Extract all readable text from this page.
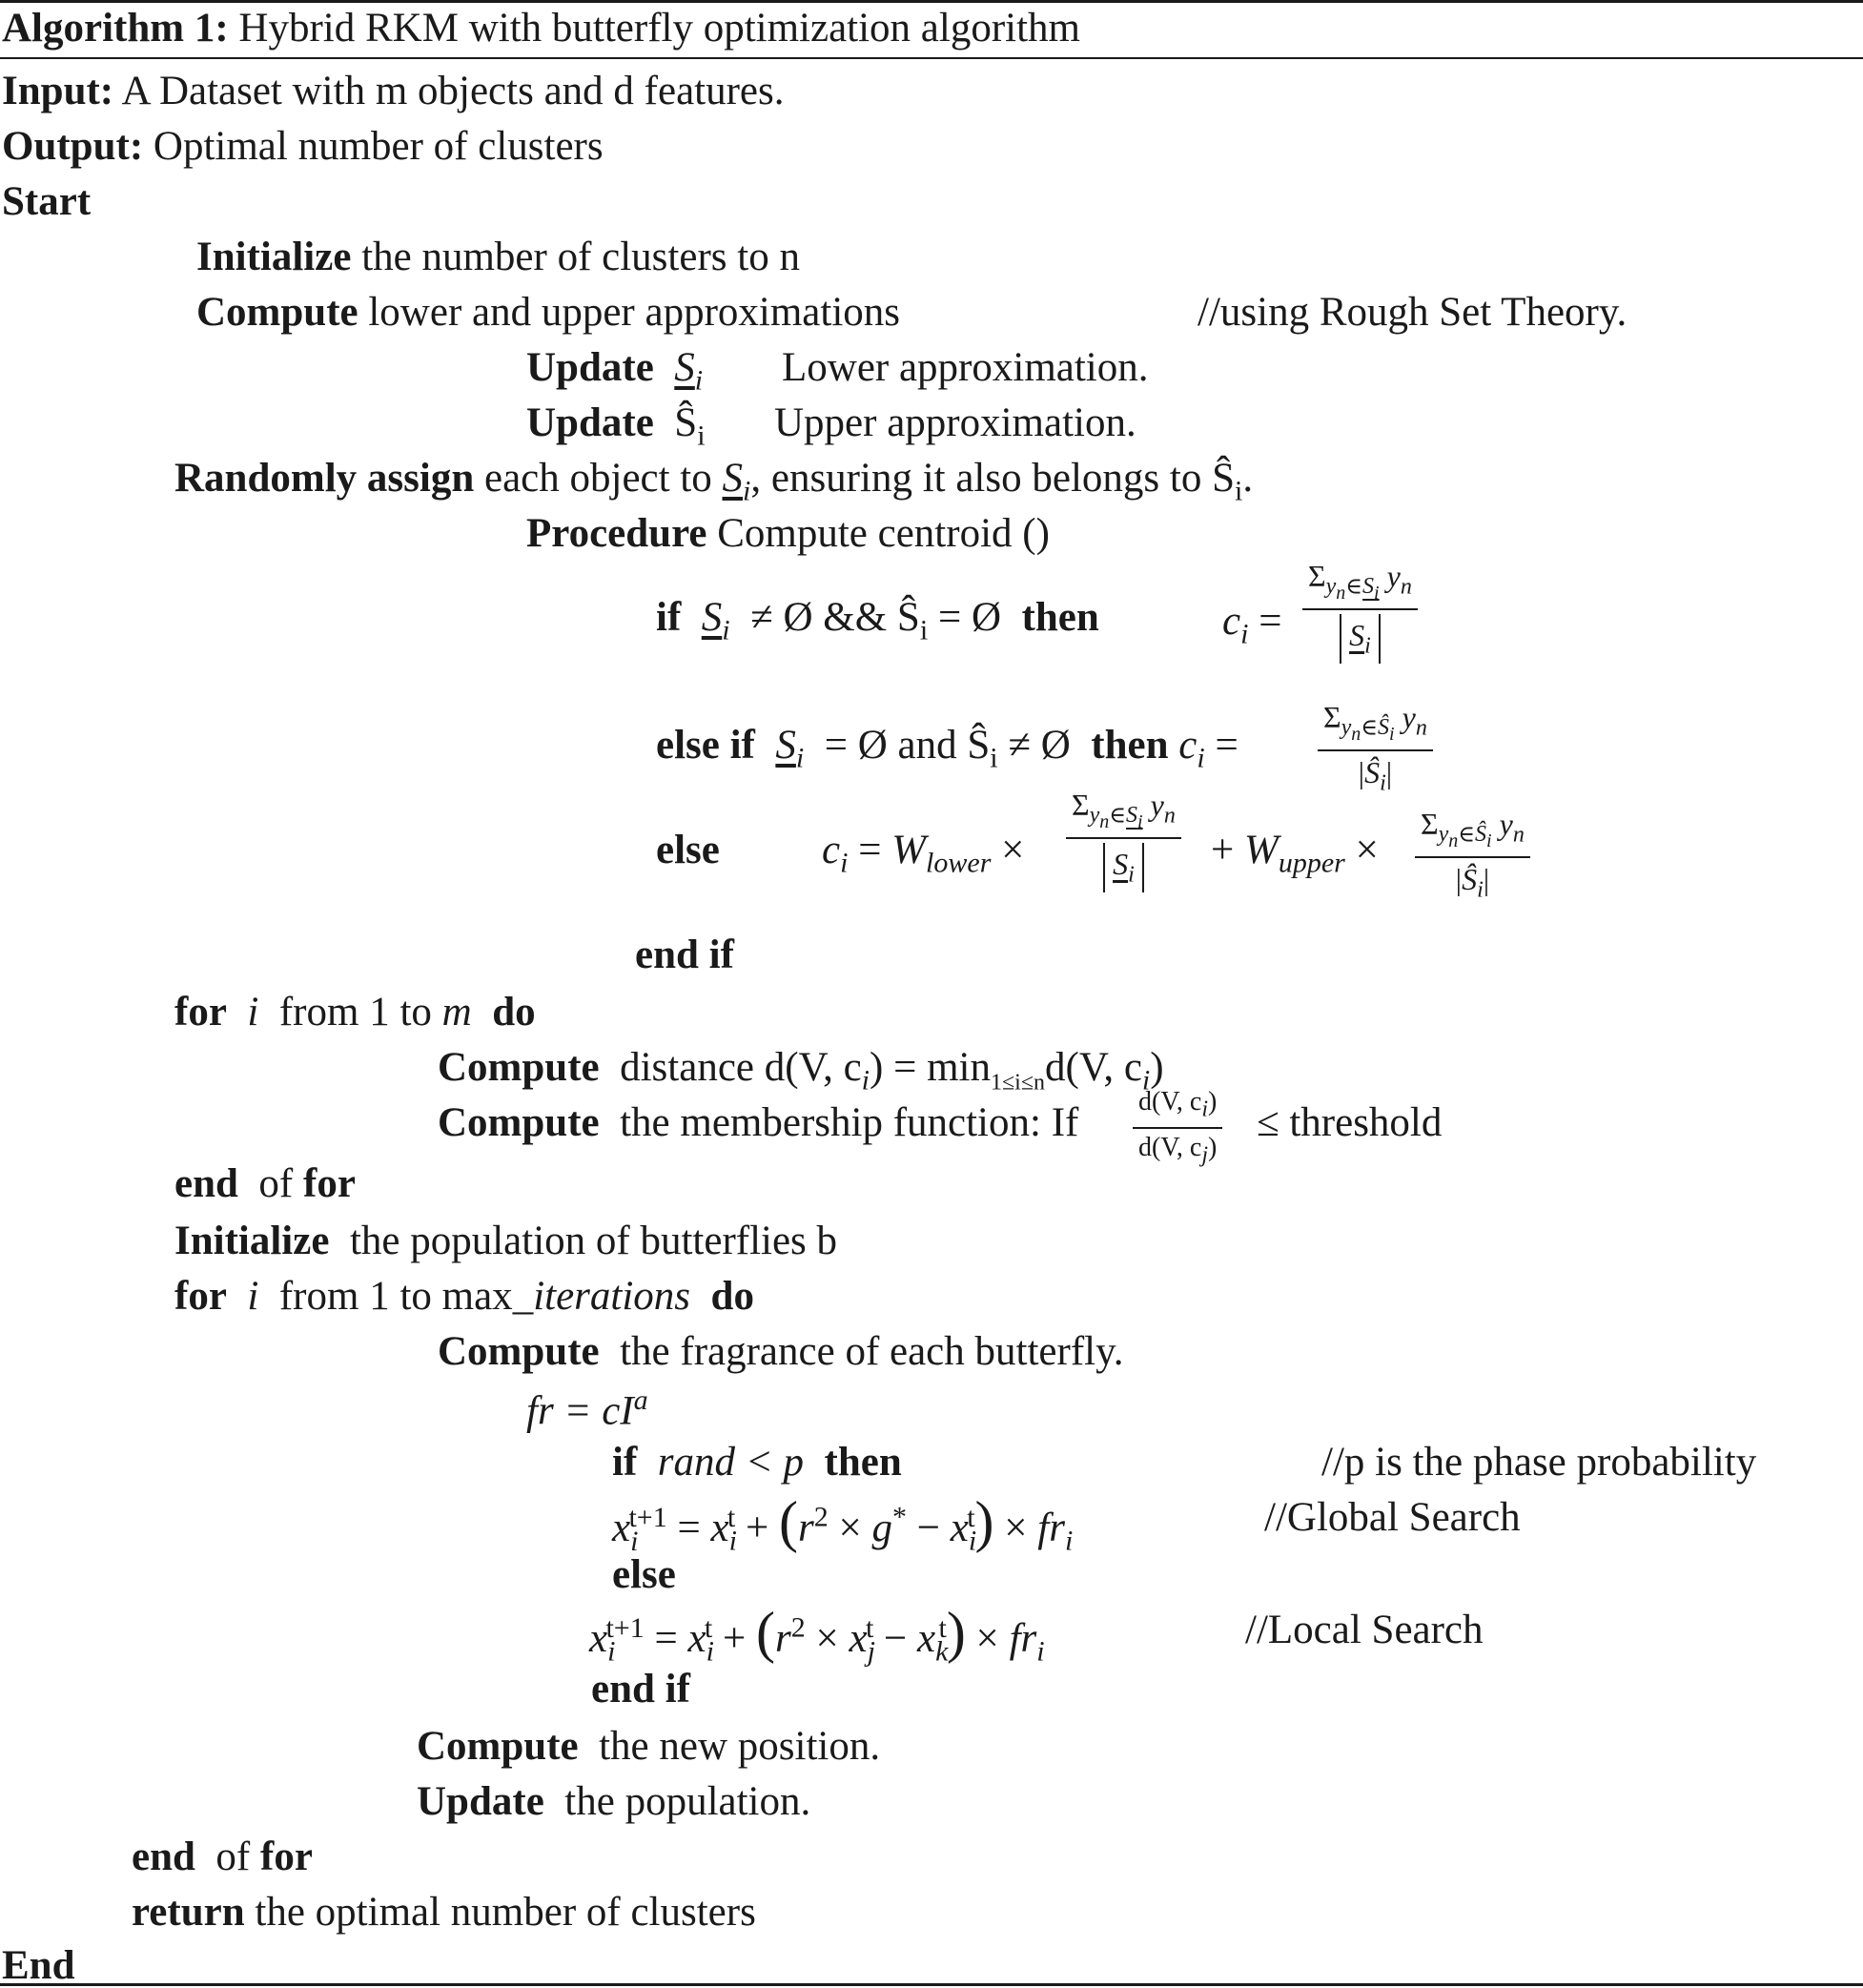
Algorithm 1: Hybrid RKM with butterfly optimization algorithm
Input: A Dataset with m objects and d features.
Output: Optimal number of clusters
Start
Initialize the number of clusters to n
Compute lower and upper approximations	//using Rough Set Theory.
Update $S_i$ Lower approximation.
Update $Ŝ_i$ Upper approximation.
Randomly assign each object to $S_i$, ensuring it also belongs to $Ŝ_i$.
Procedure Compute centroid ()
if $S_i$ ≠ Ø && $Ŝ_i$ = Ø then	$c_i$ =
$\Sigma_{y_n\in S_i}$ $y_n$
$S_i$
else if $S_i$ = Ø and $Ŝ_i$ ≠ Ø then $c_i$ =
$\Sigma_{y_n\in Ŝ_i}$ $y_n$
$|Ŝ_i|$
else $c_i = W_{lower}$ ×
$\Sigma_{y_n\in S_i}$ $y_n$
$S_i$
+ $W_{upper}$ ×
$\Sigma_{y_n\in Ŝ_i}$ $y_n$
$|Ŝ_i|$
end if
for i from 1 to m do
Compute distance d(V, $c_i) = \min_{1\le i\le n}d(V$, $c_i$)
Compute the membership function: If $\frac{d(V, c_i)}{d(V, c_j)}$ ≤ threshold
end of for
Initialize the population of butterflies b
for i from 1 to max_iterations do
Compute the fragrance of each butterfly.
fr = $cI^a$
if rand < p then	//p is the phase probability
$x_i^{t+1} = x_i^t + (r^2 \times g^* - x_i^t) \times fr_i$
//Global Search
else
$x_i^{t+1} = x_i^t + (r^2 \times x_j^t - x_k^t) \times fr_i$	//Local Search
end if
Compute the new position.
Update the population.
end of for
return the optimal number of clusters
End
